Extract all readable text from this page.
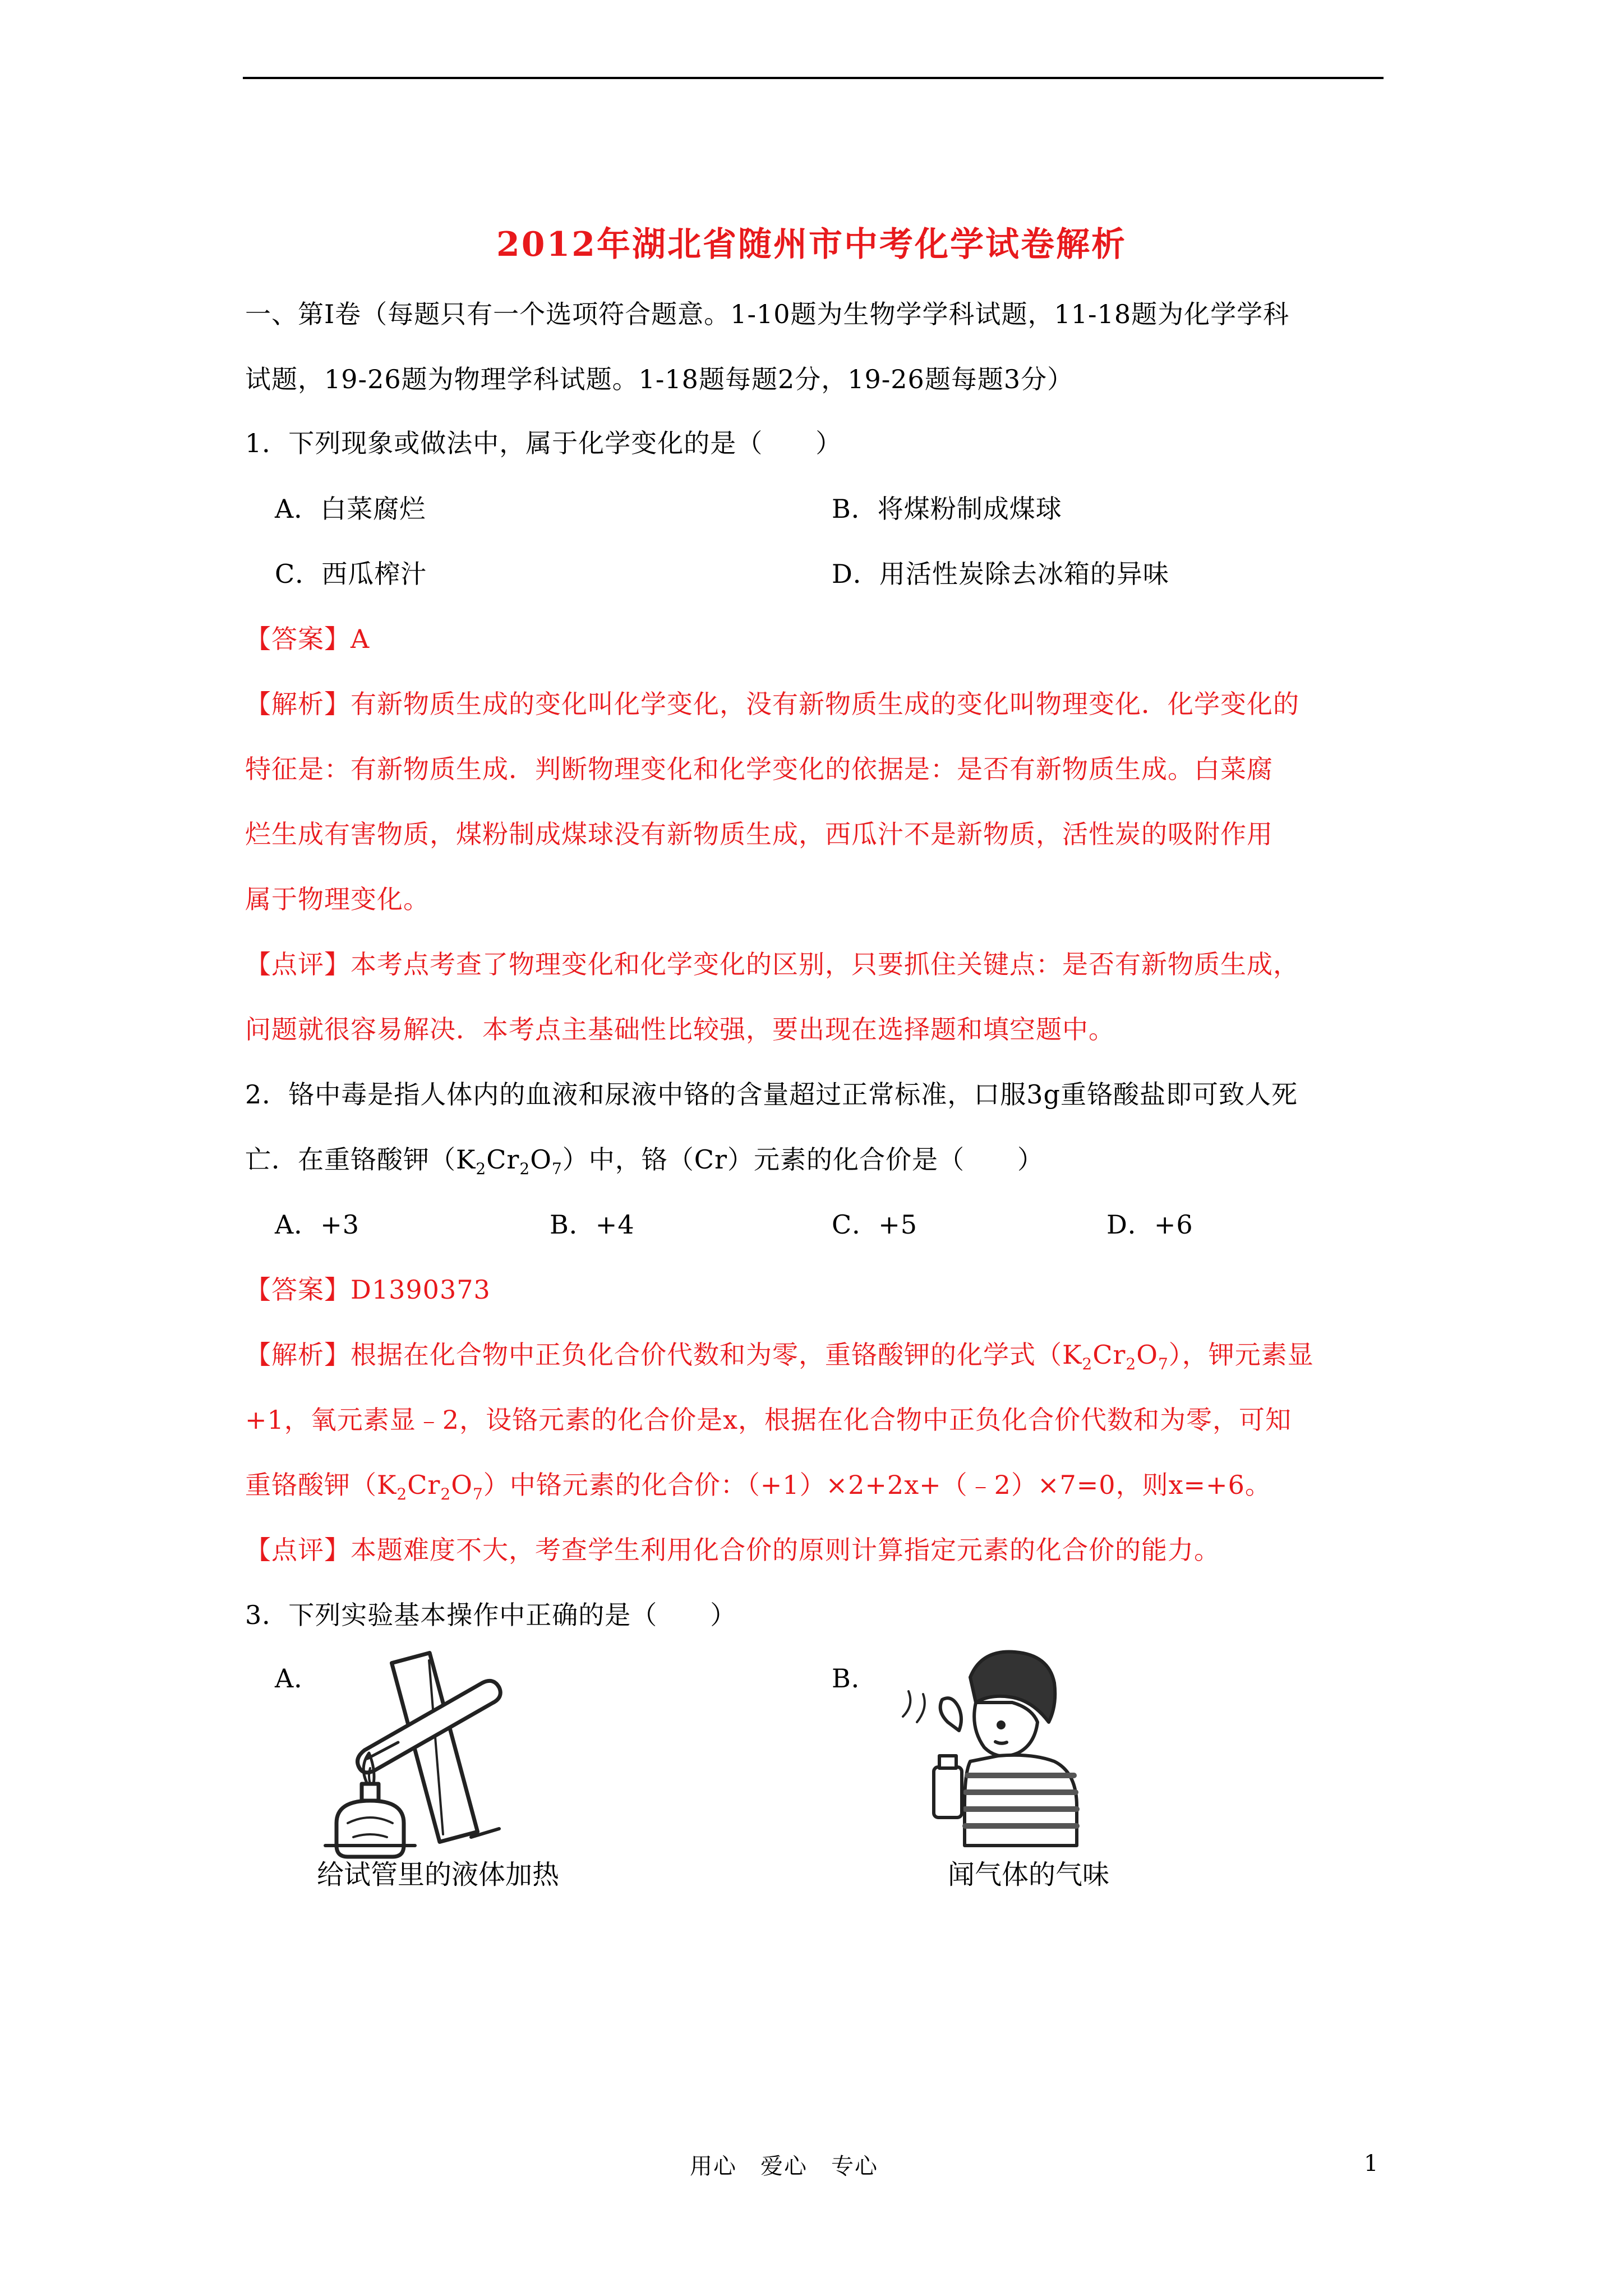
2012年湖北省随州市中考化学试卷解析
一、第Ⅰ卷（每题只有一个选项符合题意。1-10题为生物学学科试题，11-18题为化学学科
试题，19-26题为物理学科试题。1-18题每题2分，19-26题每题3分）
1．下列现象或做法中，属于化学变化的是（　　）
A．白菜腐烂	B．将煤粉制成煤球
C．西瓜榨汁	D．用活性炭除去冰箱的异味
【答案】A
【解析】有新物质生成的变化叫化学变化，没有新物质生成的变化叫物理变化．化学变化的
特征是：有新物质生成．判断物理变化和化学变化的依据是：是否有新物质生成。白菜腐
烂生成有害物质，煤粉制成煤球没有新物质生成，西瓜汁不是新物质，活性炭的吸附作用
属于物理变化。
【点评】本考点考查了物理变化和化学变化的区别，只要抓住关键点：是否有新物质生成，
问题就很容易解决．本考点主基础性比较强，要出现在选择题和填空题中。
2．铬中毒是指人体内的血液和尿液中铬的含量超过正常标准，口服3g重铬酸盐即可致人死
亡．在重铬酸钾$(K_2Cr_2O_7)$中，铬（Cr）元素的化合价是（　　）
A．+3	B．+4	C．+5	D．+6
【答案】D1390373
【解析】根据在化合物中正负化合价代数和为零，重铬酸钾的化学式$(K_2Cr_2O_7)$，钾元素显
+1，氧元素显﹣2，设铬元素的化合价是x，根据在化合物中正负化合价代数和为零，可知
重铬酸钾$(K_2Cr_2O_7)$中铬元素的化合价：（+1）×2+2x+（﹣2）×7=0，则x=+6。
【点评】本题难度不大，考查学生利用化合价的原则计算指定元素的化合价的能力。
3．下列实验基本操作中正确的是（　　）
A．	B．
给试管里的液体加热	闻气体的气味
用心　爱心　专心	1
